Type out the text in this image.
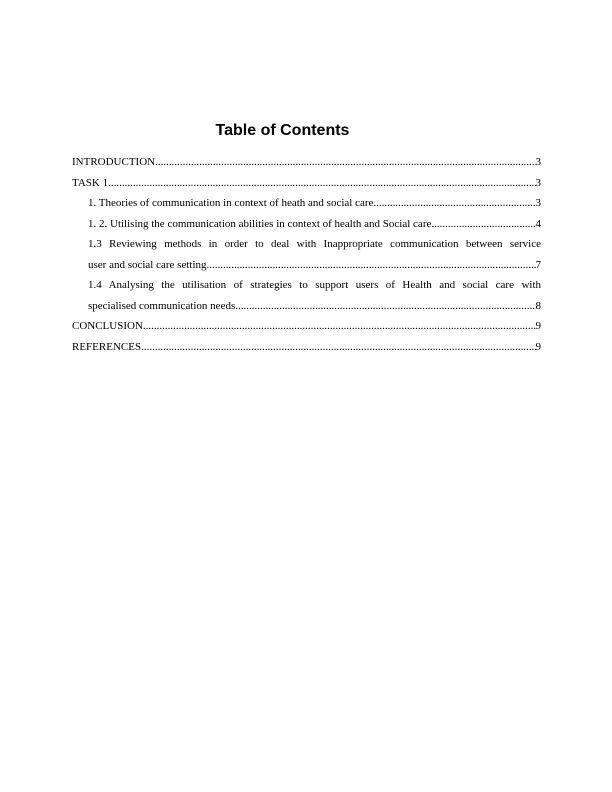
Table of Contents
INTRODUCTION .....	3
TASK 1 .....	3
1. Theories of communication in context of heath and social care .....	3
1. 2. Utilising the communication abilities in context of health and Social care .....	4
1.3 Reviewing methods in order to deal with Inappropriate communication between service
user and social care setting .....	7
1.4 Analysing the utilisation of strategies to support users of Health and social care with
specialised communication needs .....	8
CONCLUSION .....	9
REFERENCES .....	9
